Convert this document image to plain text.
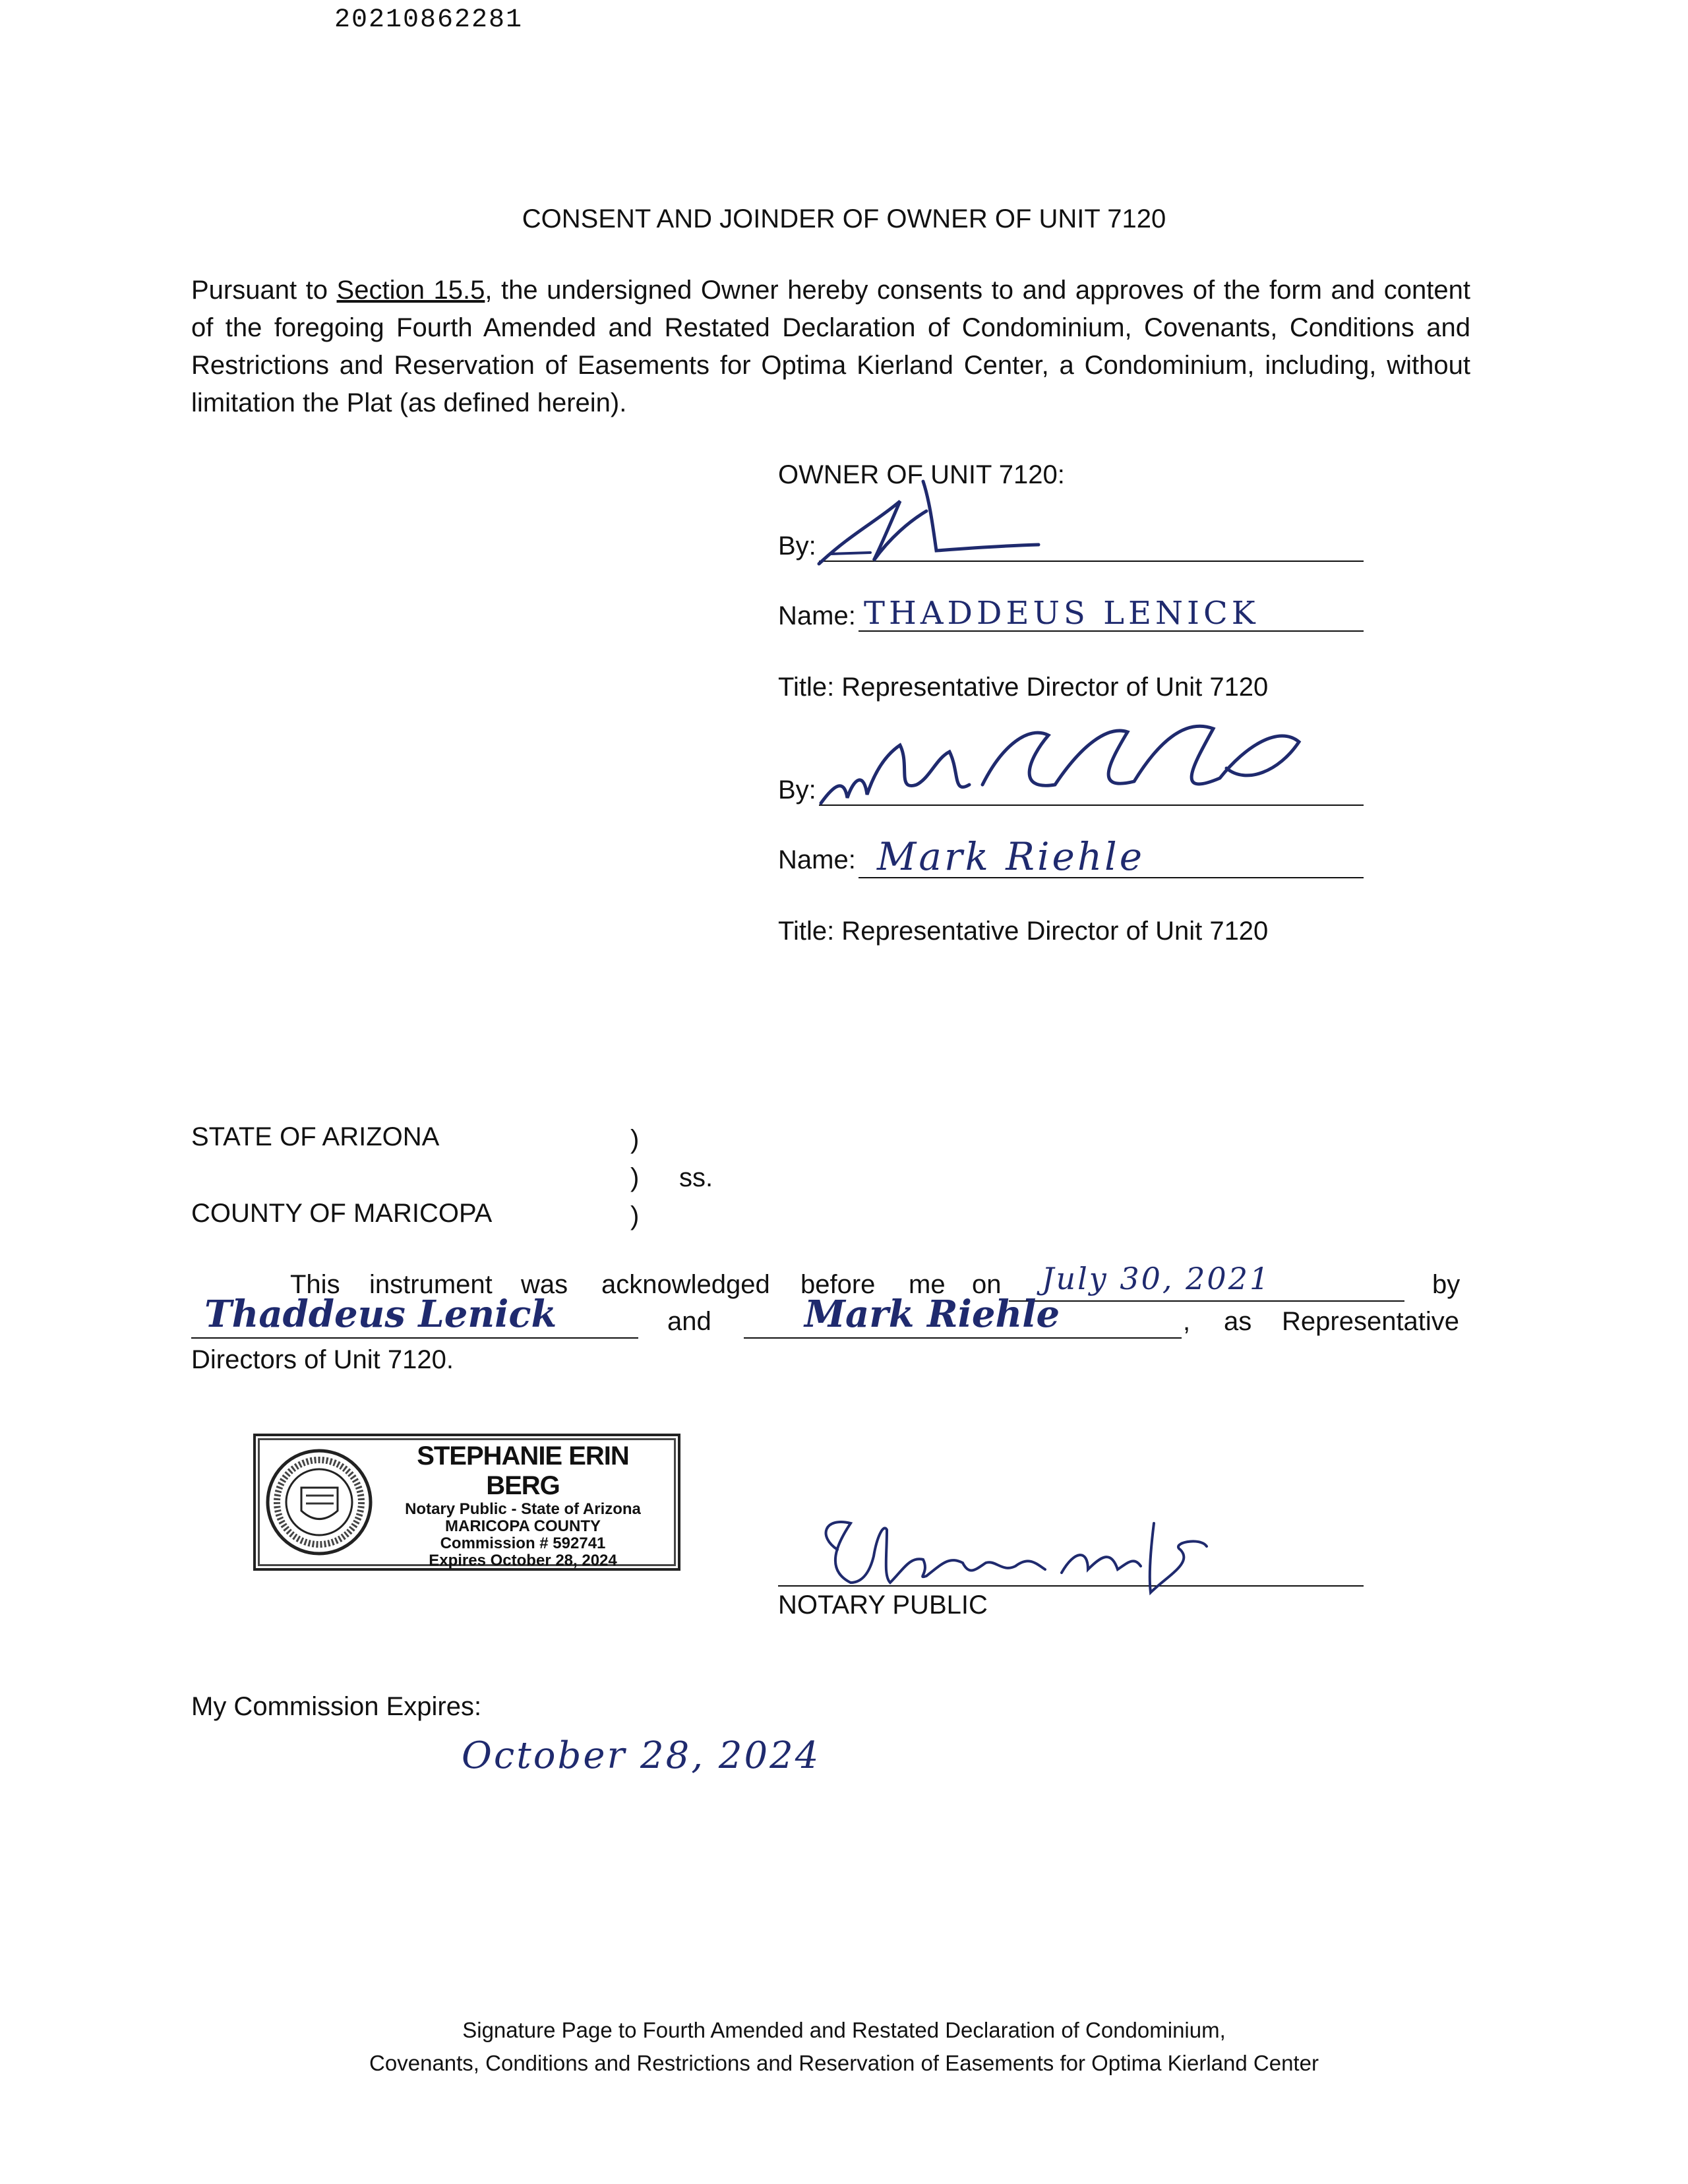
20210862281
CONSENT AND JOINDER OF OWNER OF UNIT 7120
Pursuant to Section 15.5, the undersigned Owner hereby consents to and approves of the form and content of the foregoing Fourth Amended and Restated Declaration of Condominium, Covenants, Conditions and Restrictions and Reservation of Easements for Optima Kierland Center, a Condominium, including, without limitation the Plat (as defined herein).
OWNER OF UNIT 7120:
By:
Name: THADDEUS LENICK
Title: Representative Director of Unit 7120
By:
Name: Mark Riehle
Title: Representative Director of Unit 7120
STATE OF ARIZONA
COUNTY OF MARICOPA
)
)
)
ss.
This instrument was acknowledged before me on July 30, 2021	by
Thaddeus Lenick	and	Mark Riehle	, as Representative
Directors of Unit 7120.
STEPHANIE ERIN BERG
Notary Public - State of Arizona
MARICOPA COUNTY
Commission # 592741
Expires October 28, 2024
NOTARY PUBLIC
My Commission Expires:
October 28, 2024
Signature Page to Fourth Amended and Restated Declaration of Condominium,
Covenants, Conditions and Restrictions and Reservation of Easements for Optima Kierland Center
